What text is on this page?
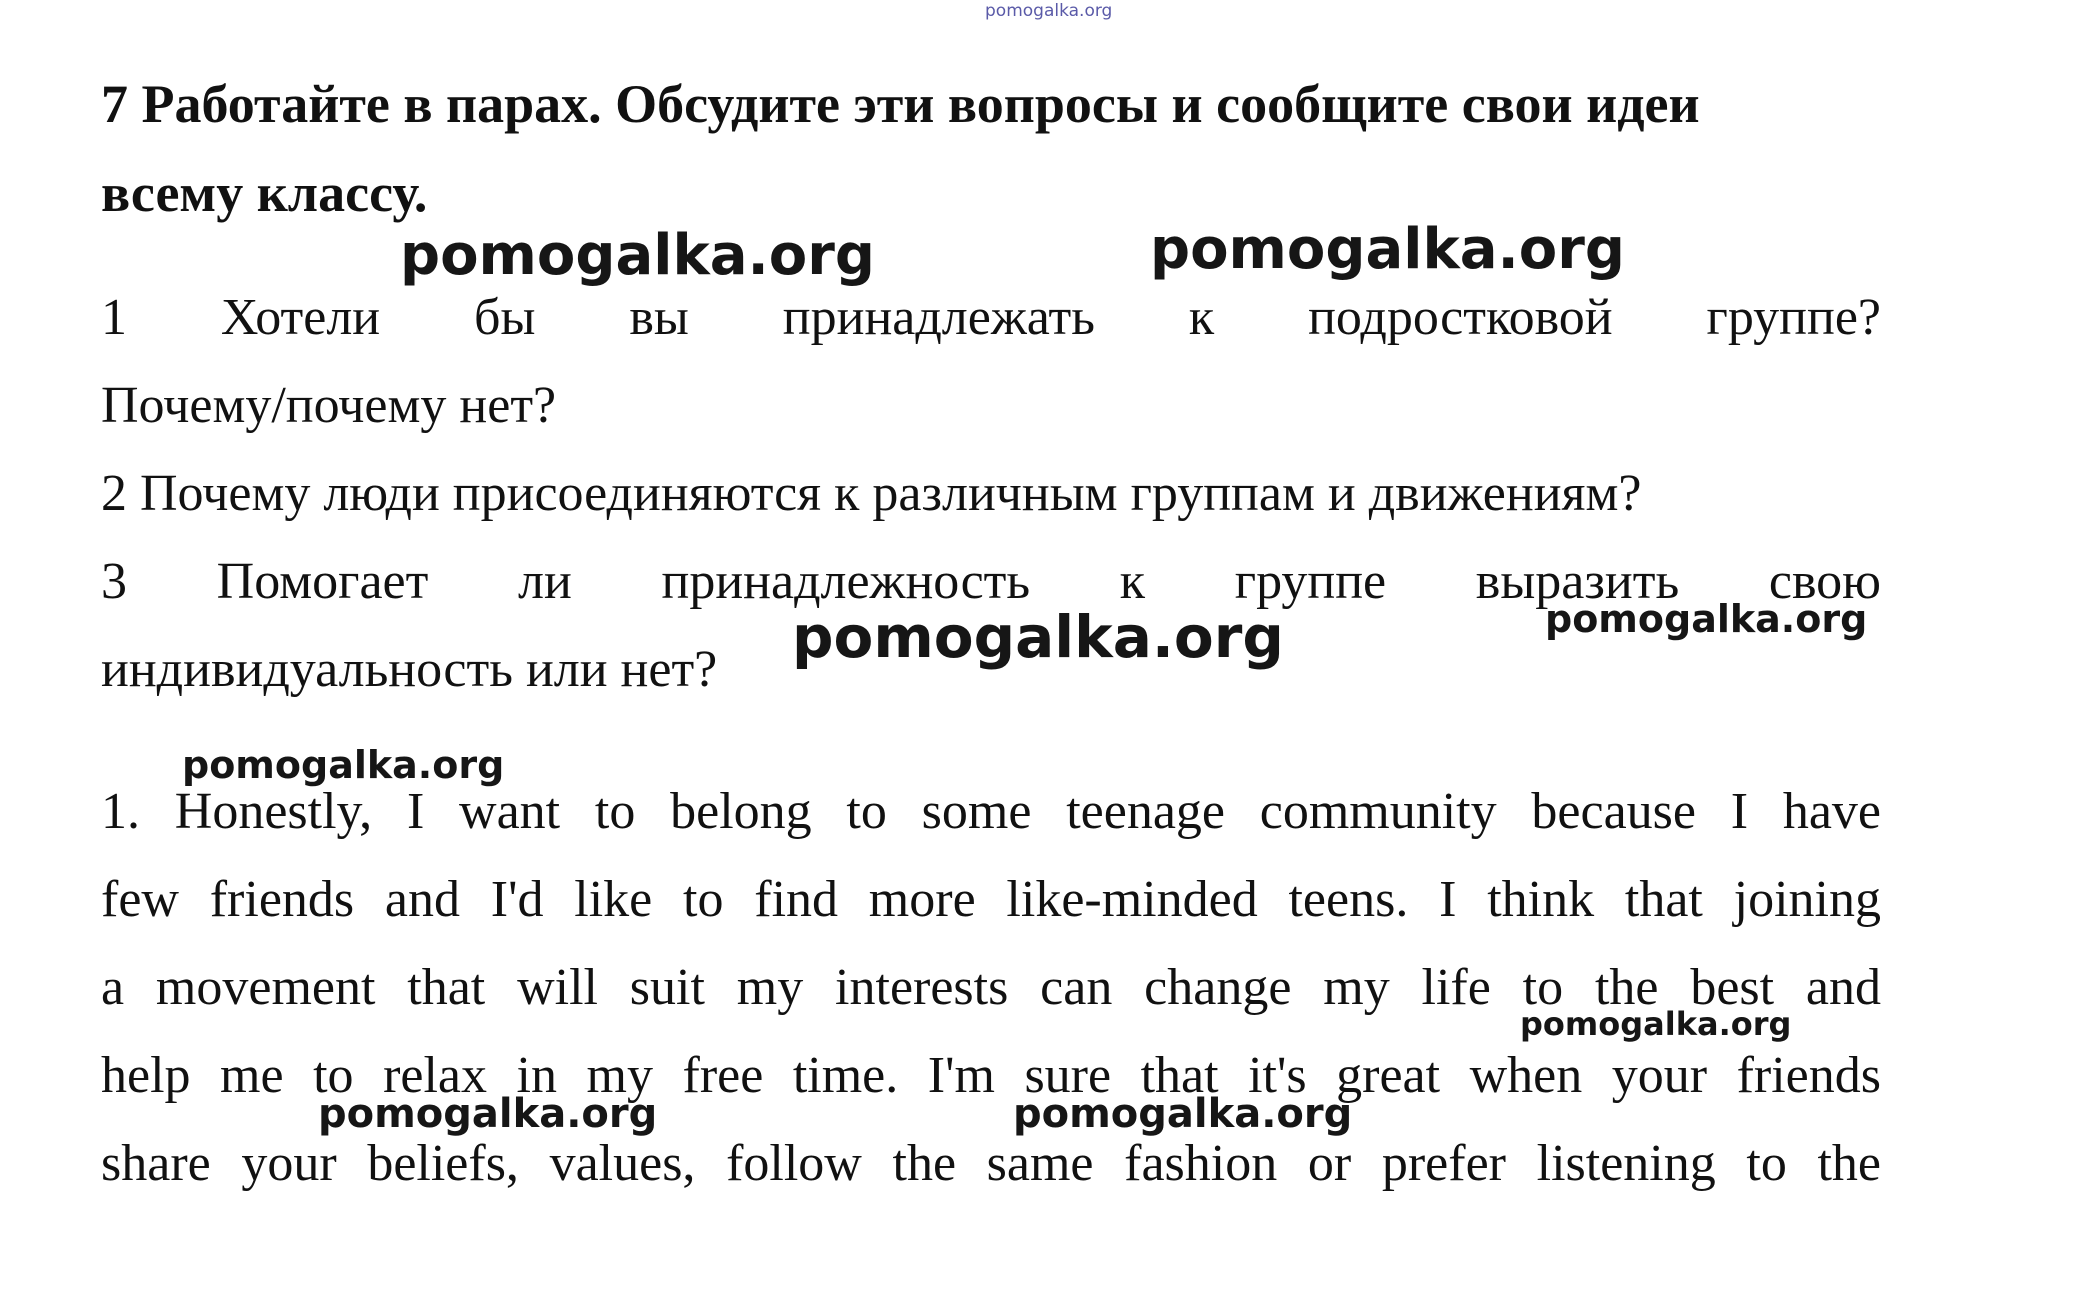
pomogalka.org
7 Работайте в парах. Обсудите эти вопросы и сообщите свои идеи
всему классу.
1 Хотели бы вы принадлежать к подростковой группе?
Почему/почему нет?
2 Почему люди присоединяются к различным группам и движениям?
3 Помогает ли принадлежность к группе выразить свою
индивидуальность или нет?
1. Honestly, I want to belong to some teenage community because I have
few friends and I'd like to find more like-minded teens. I think that joining
a movement that will suit my interests can change my life to the best and
help me to relax in my free time. I'm sure that it's great when your friends
share your beliefs, values, follow the same fashion or prefer listening to the
pomogalka.org	pomogalka.org
pomogalka.org	pomogalka.org
pomogalka.org
pomogalka.org
pomogalka.org	pomogalka.org
